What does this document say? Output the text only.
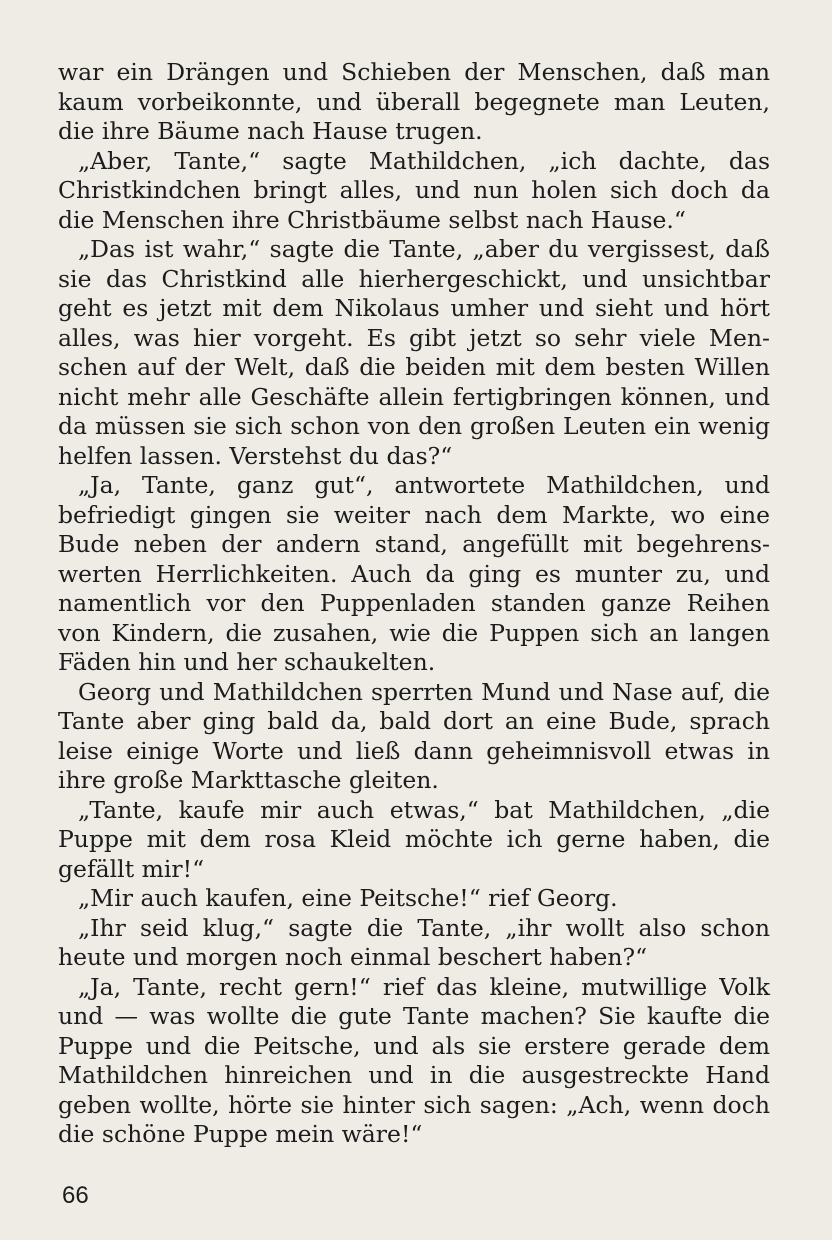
war ein Drängen und Schieben der Menschen, daß man kaum vorbeikonnte, und überall begegnete man Leuten, die ihre Bäume nach Hause trugen.

„Aber, Tante,“ sagte Mathildchen, „ich dachte, das Christkindchen bringt alles, und nun holen sich doch da die Menschen ihre Christbäume selbst nach Hause.“

„Das ist wahr,“ sagte die Tante, „aber du vergissest, daß sie das Christkind alle hierhergeschickt, und unsichtbar geht es jetzt mit dem Nikolaus umher und sieht und hört alles, was hier vorgeht. Es gibt jetzt so sehr viele Menschen auf der Welt, daß die beiden mit dem besten Willen nicht mehr alle Geschäfte allein fertigbringen können, und da müssen sie sich schon von den großen Leuten ein wenig helfen lassen. Verstehst du das?“

„Ja, Tante, ganz gut“, antwortete Mathildchen, und befriedigt gingen sie weiter nach dem Markte, wo eine Bude neben der andern stand, angefüllt mit begehrenswerten Herrlichkeiten. Auch da ging es munter zu, und namentlich vor den Puppenladen standen ganze Reihen von Kindern, die zusahen, wie die Puppen sich an langen Fäden hin und her schaukelten.

Georg und Mathildchen sperrten Mund und Nase auf, die Tante aber ging bald da, bald dort an eine Bude, sprach leise einige Worte und ließ dann geheimnisvoll etwas in ihre große Markttasche gleiten.

„Tante, kaufe mir auch etwas,“ bat Mathildchen, „die Puppe mit dem rosa Kleid möchte ich gerne haben, die gefällt mir!“

„Mir auch kaufen, eine Peitsche!“ rief Georg.

„Ihr seid klug,“ sagte die Tante, „ihr wollt also schon heute und morgen noch einmal beschert haben?“

„Ja, Tante, recht gern!“ rief das kleine, mutwillige Volk und — was wollte die gute Tante machen? Sie kaufte die Puppe und die Peitsche, und als sie erstere gerade dem Mathildchen hinreichen und in die ausgestreckte Hand geben wollte, hörte sie hinter sich sagen: „Ach, wenn doch die schöne Puppe mein wäre!“

66
